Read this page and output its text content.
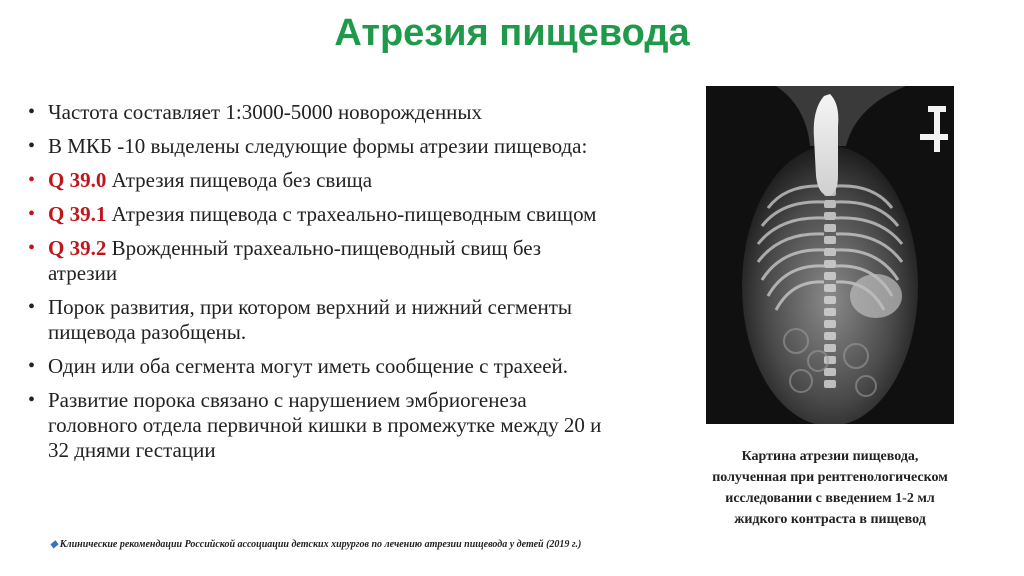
Атрезия пищевода
• Частота составляет 1:3000-5000 новорожденных
• В МКБ -10 выделены следующие формы атрезии пищевода:
• Q 39.0 Атрезия пищевода без свища
• Q 39.1 Атрезия пищевода с трахеально-пищеводным свищом
• Q 39.2 Врожденный трахеально-пищеводный свищ без атрезии
• Порок развития, при котором верхний и нижний сегменты пищевода разобщены.
• Один или оба сегмента могут иметь сообщение с трахеей.
• Развитие порока связано с нарушением эмбриогенеза головного отдела первичной кишки в промежутке между 20 и 32 днями гестации	Картина атрезии пищевода, полученная при рентгенологическом исследовании с введением 1-2 мл жидкого контраста в пищевод
◆ Клинические рекомендации Российской ассоциации детских хирургов по лечению атрезии пищевода у детей (2019 г.)
